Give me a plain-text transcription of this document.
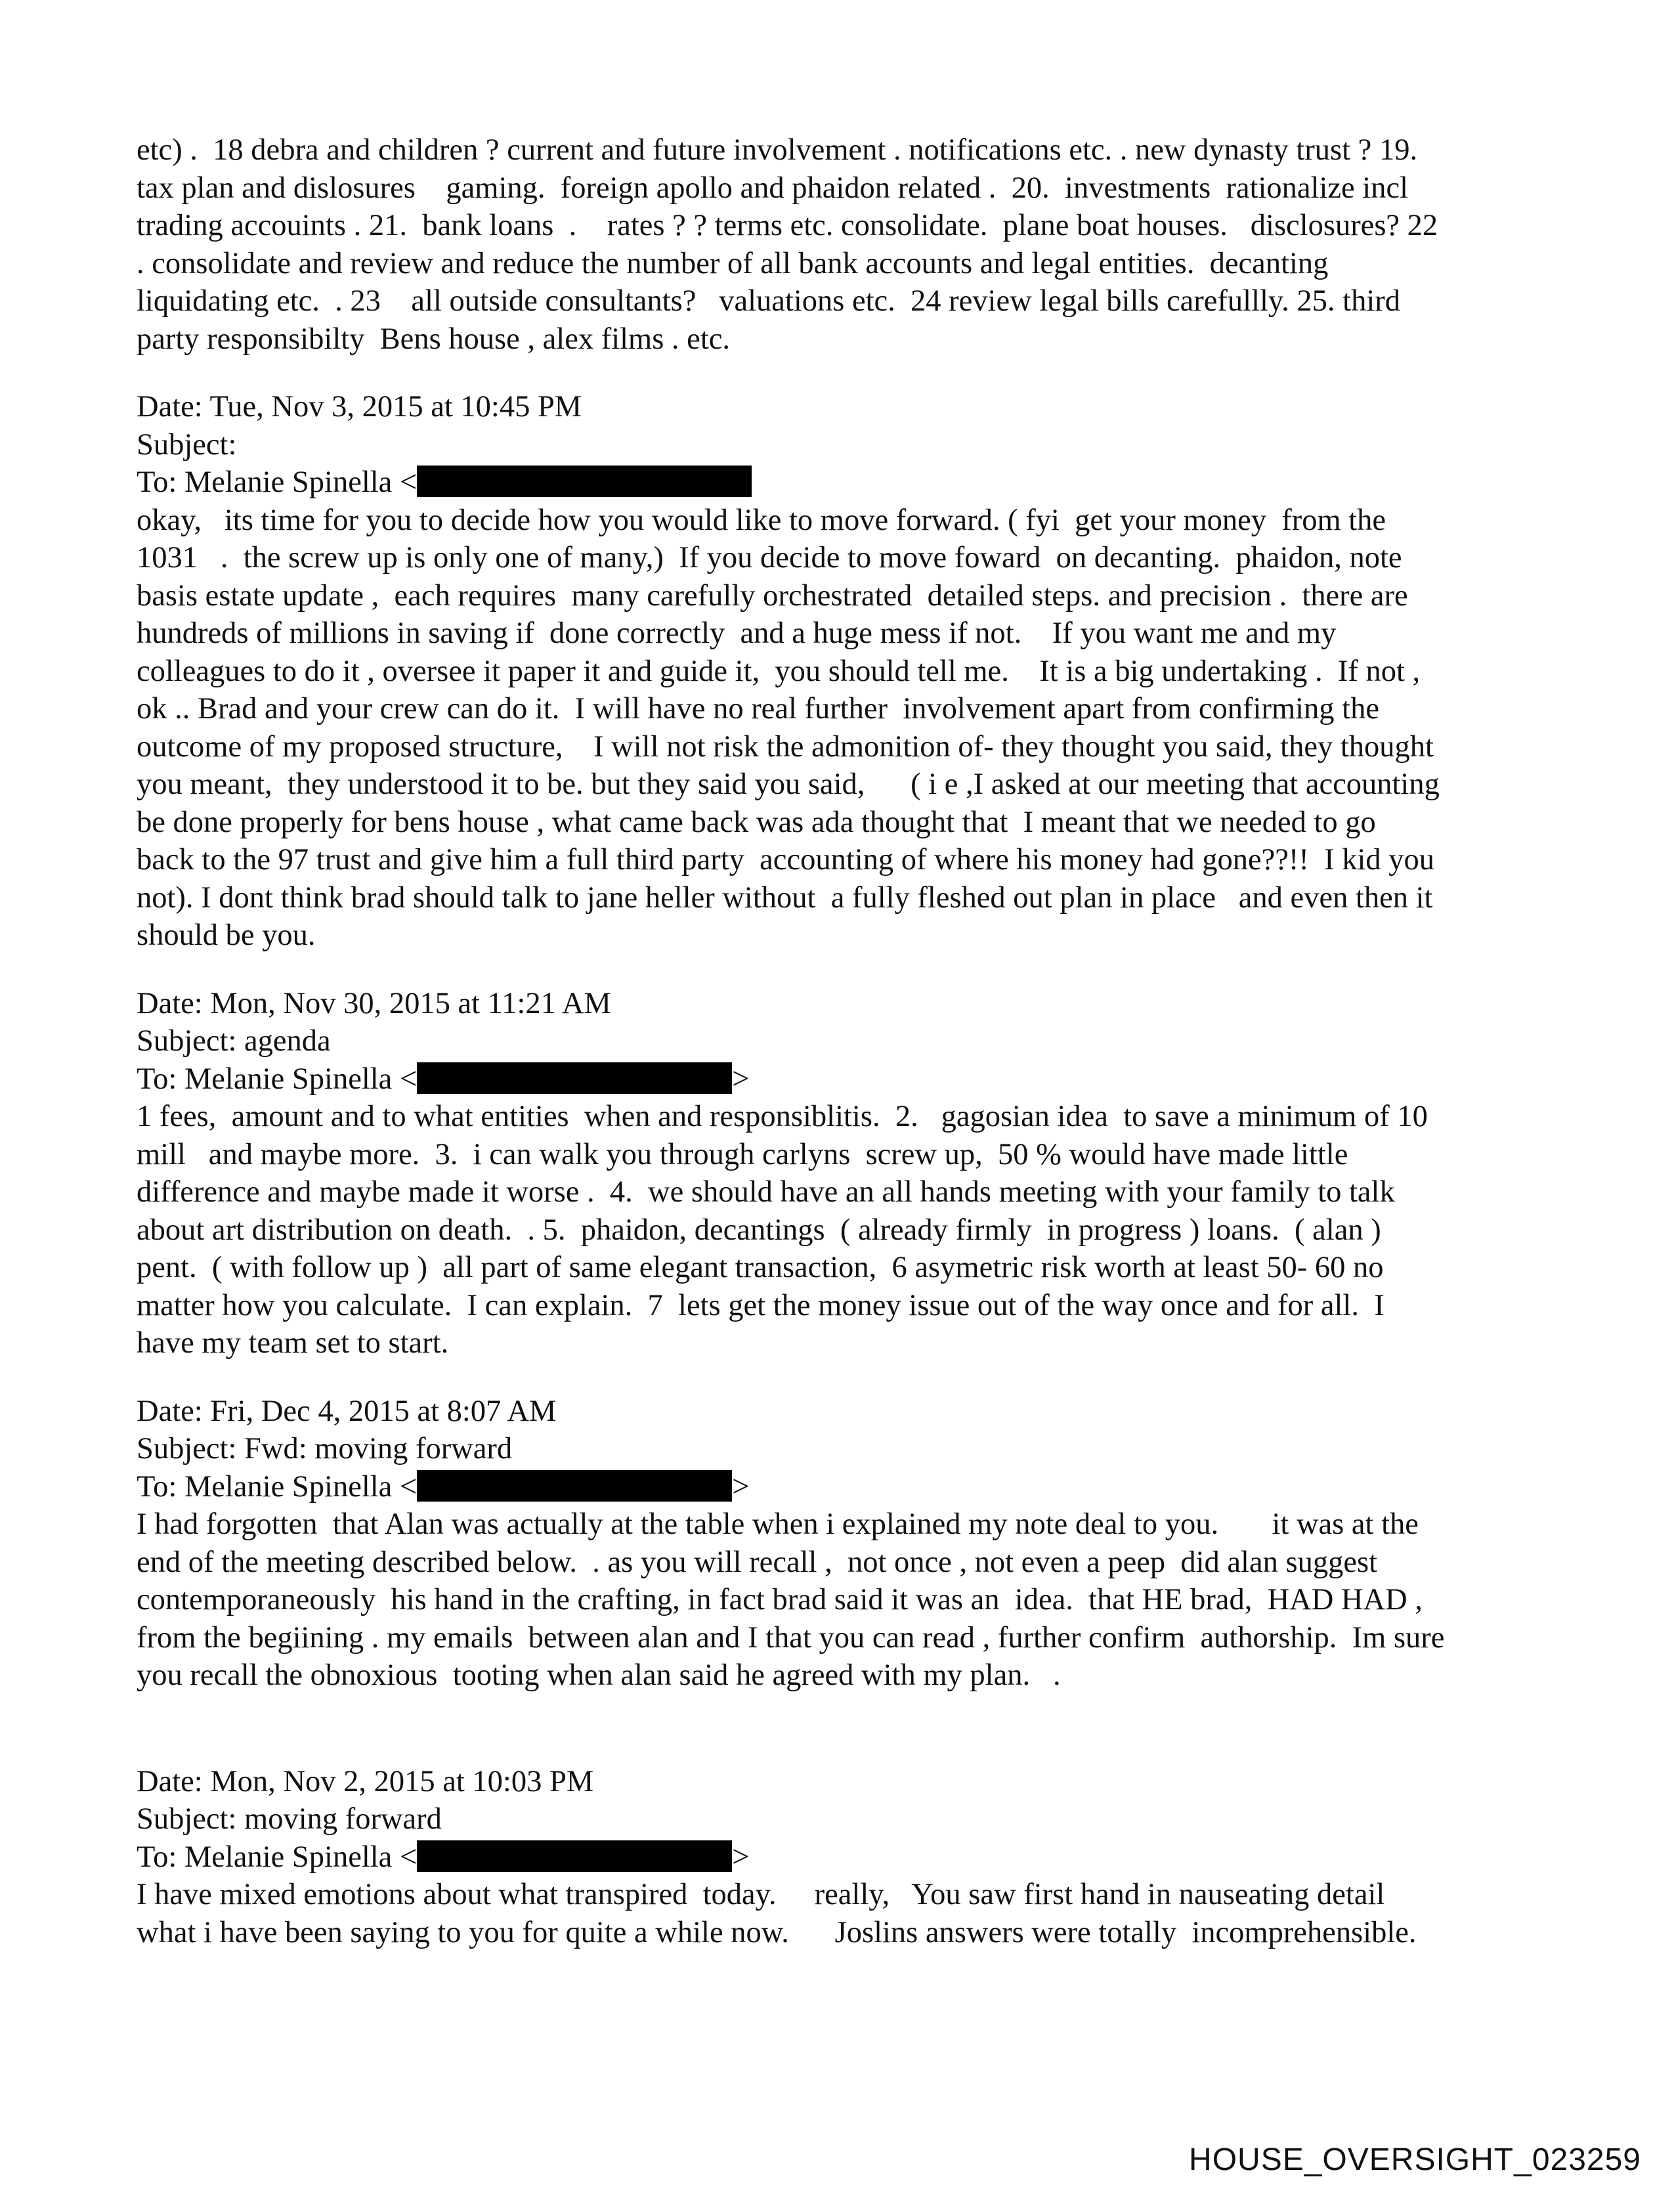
etc) .  18 debra and children ? current and future involvement . notifications etc. . new dynasty trust ? 19.

tax plan and dislosures    gaming.  foreign apollo and phaidon related .  20.  investments  rationalize incl

trading accouints . 21.  bank loans  .    rates ? ? terms etc. consolidate.  plane boat houses.   disclosures? 22

. consolidate and review and reduce the number of all bank accounts and legal entities.  decanting

liquidating etc.  . 23    all outside consultants?   valuations etc.  24 review legal bills carefullly. 25. third

party responsibilty  Bens house , alex films . etc.

Date: Tue, Nov 3, 2015 at 10:45 PM

Subject:

To: Melanie Spinella <

okay,   its time for you to decide how you would like to move forward. ( fyi  get your money  from the

1031   .  the screw up is only one of many,)  If you decide to move foward  on decanting.  phaidon, note

basis estate update ,  each requires  many carefully orchestrated  detailed steps. and precision .  there are

hundreds of millions in saving if  done correctly  and a huge mess if not.    If you want me and my

colleagues to do it , oversee it paper it and guide it,  you should tell me.    It is a big undertaking .  If not ,

ok .. Brad and your crew can do it.  I will have no real further  involvement apart from confirming the

outcome of my proposed structure,    I will not risk the admonition of- they thought you said, they thought

you meant,  they understood it to be. but they said you said,      ( i e ,I asked at our meeting that accounting

be done properly for bens house , what came back was ada thought that  I meant that we needed to go

back to the 97 trust and give him a full third party  accounting of where his money had gone??!!  I kid you

not). I dont think brad should talk to jane heller without  a fully fleshed out plan in place   and even then it

should be you.

Date: Mon, Nov 30, 2015 at 11:21 AM

Subject: agenda

To: Melanie Spinella <	>

1 fees,  amount and to what entities  when and responsiblitis.  2.   gagosian idea  to save a minimum of 10

mill   and maybe more.  3.  i can walk you through carlyns  screw up,  50 % would have made little

difference and maybe made it worse .  4.  we should have an all hands meeting with your family to talk

about art distribution on death.  . 5.  phaidon, decantings  ( already firmly  in progress ) loans.  ( alan )

pent.  ( with follow up )  all part of same elegant transaction,  6 asymetric risk worth at least 50- 60 no

matter how you calculate.  I can explain.  7  lets get the money issue out of the way once and for all.  I

have my team set to start.

Date: Fri, Dec 4, 2015 at 8:07 AM

Subject: Fwd: moving forward

To: Melanie Spinella <	>

I had forgotten  that Alan was actually at the table when i explained my note deal to you.       it was at the

end of the meeting described below.  . as you will recall ,  not once , not even a peep  did alan suggest

contemporaneously  his hand in the crafting, in fact brad said it was an  idea.  that HE brad,  HAD HAD ,

from the begiining . my emails  between alan and I that you can read , further confirm  authorship.  Im sure

you recall the obnoxious  tooting when alan said he agreed with my plan.   .

Date: Mon, Nov 2, 2015 at 10:03 PM

Subject: moving forward

To: Melanie Spinella <	>

I have mixed emotions about what transpired  today.     really,   You saw first hand in nauseating detail

what i have been saying to you for quite a while now.      Joslins answers were totally  incomprehensible.

HOUSE_OVERSIGHT_023259
